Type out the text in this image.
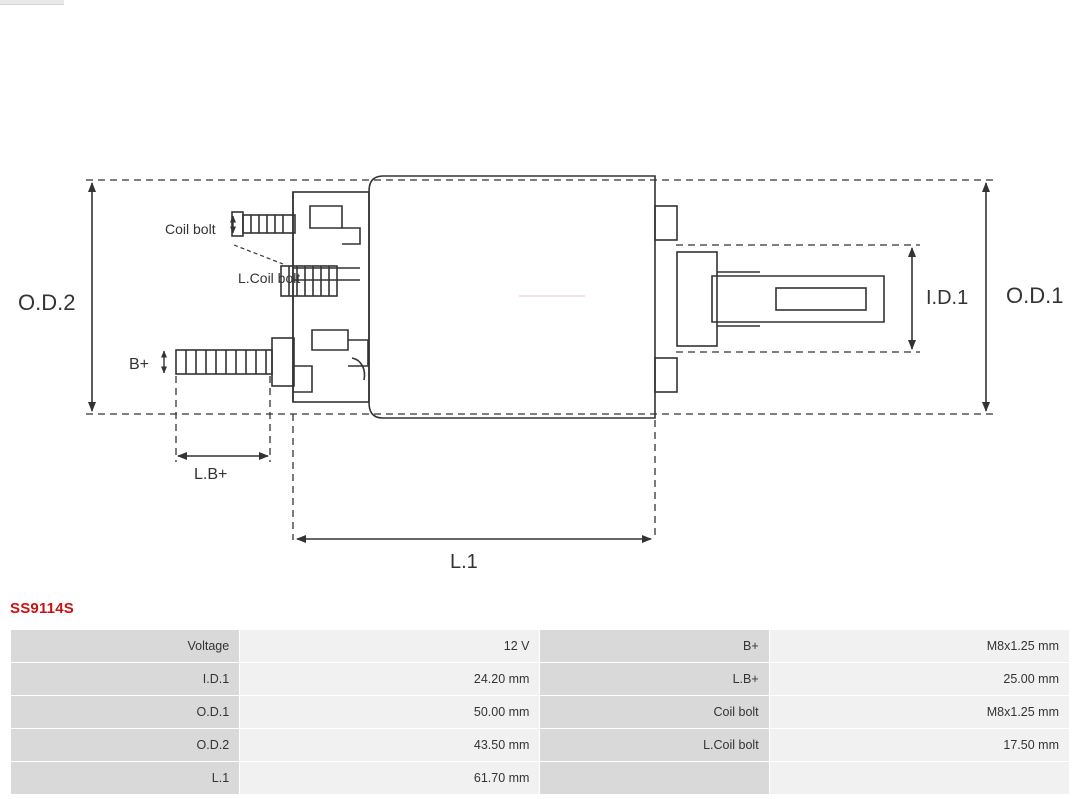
O.D.2	O.D.1
I.D.1
L.1
L.B+
B+
Coil bolt
L.Coil bolt
SS9114S
Voltage	12 V	B+	M8x1.25 mm
I.D.1	24.20 mm	L.B+	25.00 mm
O.D.1	50.00 mm	Coil bolt	M8x1.25 mm
O.D.2	43.50 mm	L.Coil bolt	17.50 mm
L.1	61.70 mm		
